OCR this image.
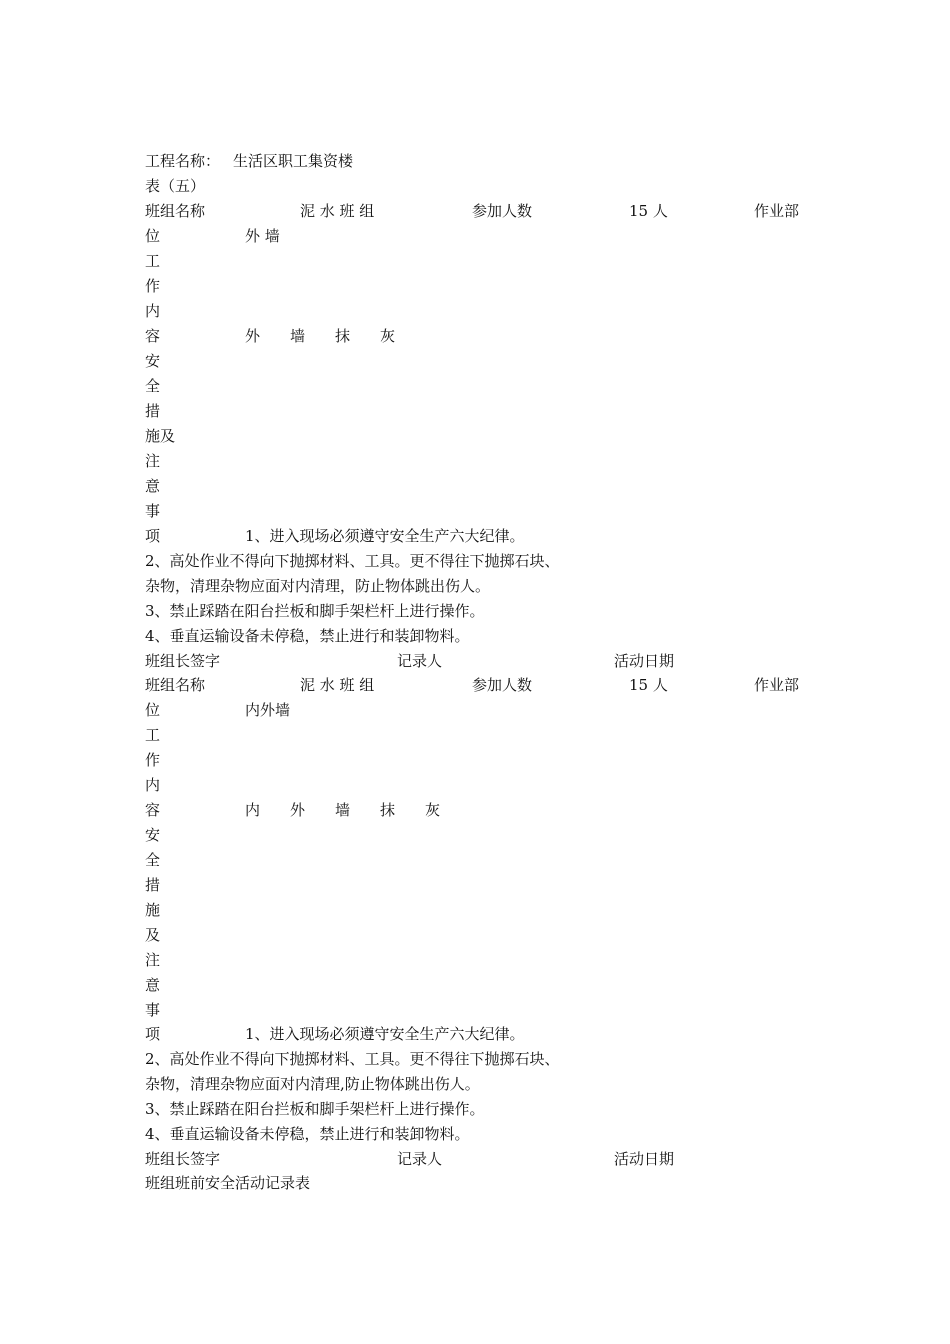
工程名称： 生活区职工集资楼
表（五）
班组名称	泥 水 班 组	参加人数	15 人	作业部
位	外 墙
工
作
内
容	外墙抹灰
安
全
措
施及
注
意
事
项	1、进入现场必须遵守安全生产六大纪律。
2、高处作业不得向下抛掷材料、工具。更不得往下抛掷石块、
杂物，清理杂物应面对内清理，防止物体跳出伤人。
3、禁止踩踏在阳台拦板和脚手架栏杆上进行操作。
4、垂直运输设备未停稳，禁止进行和装卸物料。
班组长签字	记录人	活动日期
班组名称	泥 水 班 组	参加人数	15 人	作业部
位	内外墙
工
作
内
容	内外墙抹灰
安
全
措
施
及
注
意
事
项	1、进入现场必须遵守安全生产六大纪律。
2、高处作业不得向下抛掷材料、工具。更不得往下抛掷石块、
杂物，清理杂物应面对内清理,防止物体跳出伤人。
3、禁止踩踏在阳台拦板和脚手架栏杆上进行操作。
4、垂直运输设备未停稳，禁止进行和装卸物料。
班组长签字	记录人	活动日期
班组班前安全活动记录表
